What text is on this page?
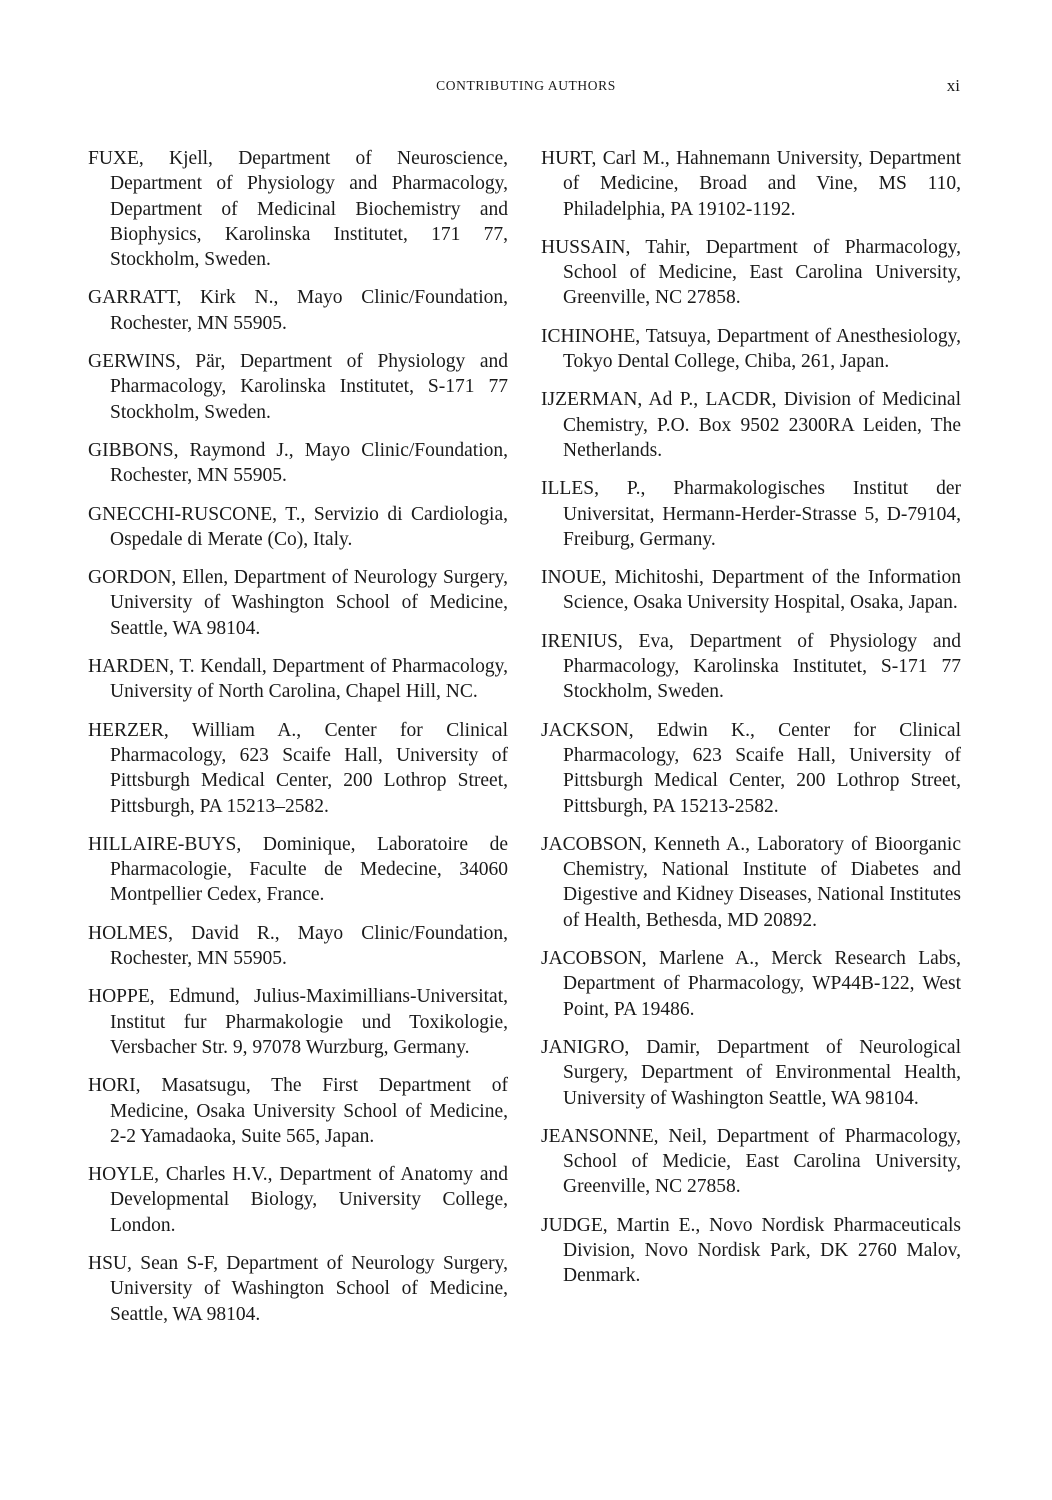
CONTRIBUTING AUTHORS	xi

FUXE, Kjell, Department of Neuroscience, Department of Physiology and Pharmacology, Department of Medicinal Biochemistry and Biophysics, Karolinska Institutet, 171 77, Stockholm, Sweden.

GARRATT, Kirk N., Mayo Clinic/Foundation, Rochester, MN 55905.

GERWINS, Pär, Department of Physiology and Pharmacology, Karolinska Institutet, S-171 77 Stockholm, Sweden.

GIBBONS, Raymond J., Mayo Clinic/Foundation, Rochester, MN 55905.

GNECCHI-RUSCONE, T., Servizio di Cardiologia, Ospedale di Merate (Co), Italy.

GORDON, Ellen, Department of Neurology Surgery, University of Washington School of Medicine, Seattle, WA 98104.

HARDEN, T. Kendall, Department of Pharmacology, University of North Carolina, Chapel Hill, NC.

HERZER, William A., Center for Clinical Pharmacology, 623 Scaife Hall, University of Pittsburgh Medical Center, 200 Lothrop Street, Pittsburgh, PA 15213–2582.

HILLAIRE-BUYS, Dominique, Laboratoire de Pharmacologie, Faculte de Medecine, 34060 Montpellier Cedex, France.

HOLMES, David R., Mayo Clinic/Foundation, Rochester, MN 55905.

HOPPE, Edmund, Julius-Maximillians-Universitat, Institut fur Pharmakologie und Toxikologie, Versbacher Str. 9, 97078 Wurzburg, Germany.

HORI, Masatsugu, The First Department of Medicine, Osaka University School of Medicine, 2-2 Yamadaoka, Suite 565, Japan.

HOYLE, Charles H.V., Department of Anatomy and Developmental Biology, University College, London.

HSU, Sean S-F, Department of Neurology Surgery, University of Washington School of Medicine, Seattle, WA 98104.

HURT, Carl M., Hahnemann University, Department of Medicine, Broad and Vine, MS 110, Philadelphia, PA 19102-1192.

HUSSAIN, Tahir, Department of Pharmacology, School of Medicine, East Carolina University, Greenville, NC 27858.

ICHINOHE, Tatsuya, Department of Anesthesiology, Tokyo Dental College, Chiba, 261, Japan.

IJZERMAN, Ad P., LACDR, Division of Medicinal Chemistry, P.O. Box 9502 2300RA Leiden, The Netherlands.

ILLES, P., Pharmakologisches Institut der Universitat, Hermann-Herder-Strasse 5, D-79104, Freiburg, Germany.

INOUE, Michitoshi, Department of the Information Science, Osaka University Hospital, Osaka, Japan.

IRENIUS, Eva, Department of Physiology and Pharmacology, Karolinska Institutet, S-171 77 Stockholm, Sweden.

JACKSON, Edwin K., Center for Clinical Pharmacology, 623 Scaife Hall, University of Pittsburgh Medical Center, 200 Lothrop Street, Pittsburgh, PA 15213-2582.

JACOBSON, Kenneth A., Laboratory of Bioorganic Chemistry, National Institute of Diabetes and Digestive and Kidney Diseases, National Institutes of Health, Bethesda, MD 20892.

JACOBSON, Marlene A., Merck Research Labs, Department of Pharmacology, WP44B-122, West Point, PA 19486.

JANIGRO, Damir, Department of Neurological Surgery, Department of Environmental Health, University of Washington Seattle, WA 98104.

JEANSONNE, Neil, Department of Pharmacology, School of Medicie, East Carolina University, Greenville, NC 27858.

JUDGE, Martin E., Novo Nordisk Pharmaceuticals Division, Novo Nordisk Park, DK 2760 Malov, Denmark.
